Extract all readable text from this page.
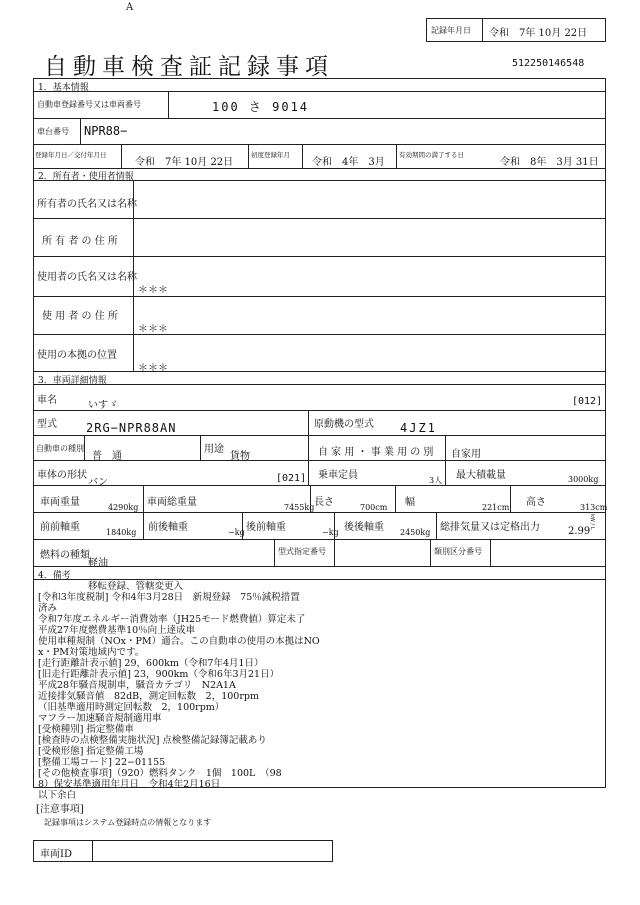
A
記録年月日 令和　7年 10月 22日
自動車検査証記録事項	512250146548
1．基本情報
自動車登録番号又は車両番号	100 さ 9014
車台番号 NPR88−
登録年月日／交付年月日
令和　7年 10月 22日
初度登録年月
令和　4年　3月
有効期間の満了する日
令和　8年　3月 31日
2．所有者・使用者情報
所有者の氏名又は名称
所 有 者 の 住 所
使用者の氏名又は名称
＊＊＊
使 用 者 の 住 所
＊＊＊
使用の本拠の位置
＊＊＊
3．車両詳細情報
車名	いすゞ	[012]
型式 2RG−NPR88AN	原動機の型式 4JZ1
自動車の種別
普　通
用途
貨物	自 家 用 ・ 事 業 用 の 別 自家用
車体の形状
バン	[021] 乗車定員	3人 最大積載量	3000kg
車両重量	4290kg 車両総重量	7455kg 長さ	700cm 幅	221cm 高さ	313cm
前前軸重	1840kg 前後軸重	−kg 後前軸重	−kg 後後軸重 2450kg 総排気量又は定格出力	2.99
kW / L
燃料の種類
軽油
型式指定番号	類別区分番号
4．備考
移転登録、管轄変更入
[令和3年度税制] 令和4年3月28日　新規登録　75％減税措置
済み
令和7年度エネルギー消費効率（JH25モード燃費値）算定未了
平成27年度燃費基準10％向上達成車
使用車種規制（NOx・PM）適合。この自動車の使用の本拠はNO
x・PM対策地域内です。
[走行距離計表示値] 29，600km（令和7年4月1日）
[旧走行距離計表示値] 23，900km（令和6年3月21日）
平成28年騒音規制車，騒音カテゴリ　N2A1A
近接排気騒音値　82dB，測定回転数　2，100rpm
（旧基準適用時測定回転数　2，100rpm）
マフラー加速騒音規制適用車
[受検種別] 指定整備車
[検査時の点検整備実施状況] 点検整備記録簿記載あり
[受検形態] 指定整備工場
[整備工場コード] 22−01155
[その他検査事項]（920）燃料タンク　1個　100L　（98
8）保安基準適用年月日　令和4年2月16日
以下余白
[注意事項]
記録事項はシステム登録時点の情報となります
車両ID
